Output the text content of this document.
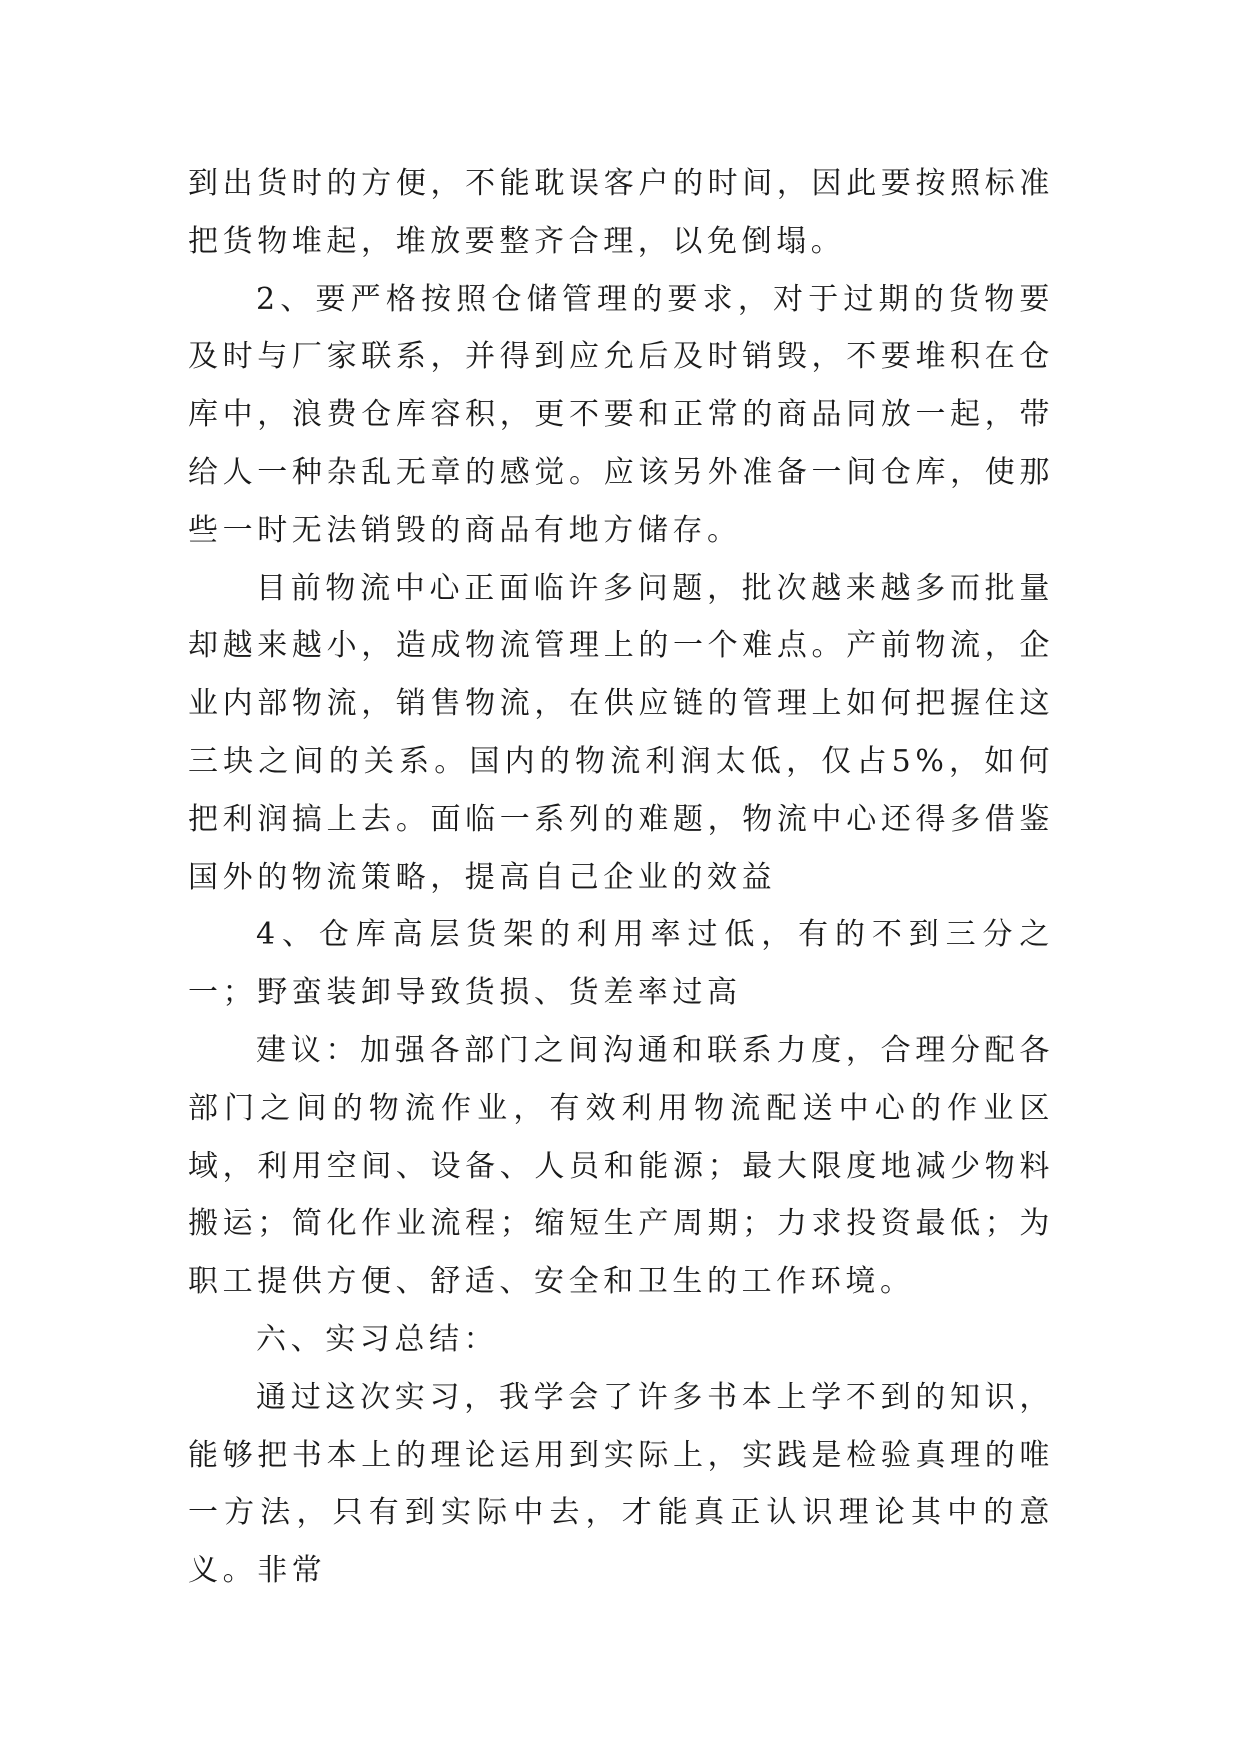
到出货时的方便，不能耽误客户的时间，因此要按照标准把货物堆起，堆放要整齐合理，以免倒塌。

2、要严格按照仓储管理的要求，对于过期的货物要及时与厂家联系，并得到应允后及时销毁，不要堆积在仓库中，浪费仓库容积，更不要和正常的商品同放一起，带给人一种杂乱无章的感觉。应该另外准备一间仓库，使那些一时无法销毁的商品有地方储存。

目前物流中心正面临许多问题，批次越来越多而批量却越来越小，造成物流管理上的一个难点。产前物流，企业内部物流，销售物流，在供应链的管理上如何把握住这三块之间的关系。国内的物流利润太低，仅占5%，如何把利润搞上去。面临一系列的难题，物流中心还得多借鉴国外的物流策略，提高自己企业的效益

4、仓库高层货架的利用率过低，有的不到三分之一；野蛮装卸导致货损、货差率过高

建议：加强各部门之间沟通和联系力度，合理分配各部门之间的物流作业，有效利用物流配送中心的作业区域，利用空间、设备、人员和能源；最大限度地减少物料搬运；简化作业流程；缩短生产周期；力求投资最低；为职工提供方便、舒适、安全和卫生的工作环境。

六、实习总结：

通过这次实习，我学会了许多书本上学不到的知识，能够把书本上的理论运用到实际上，实践是检验真理的唯一方法，只有到实际中去，才能真正认识理论其中的意义。非常
